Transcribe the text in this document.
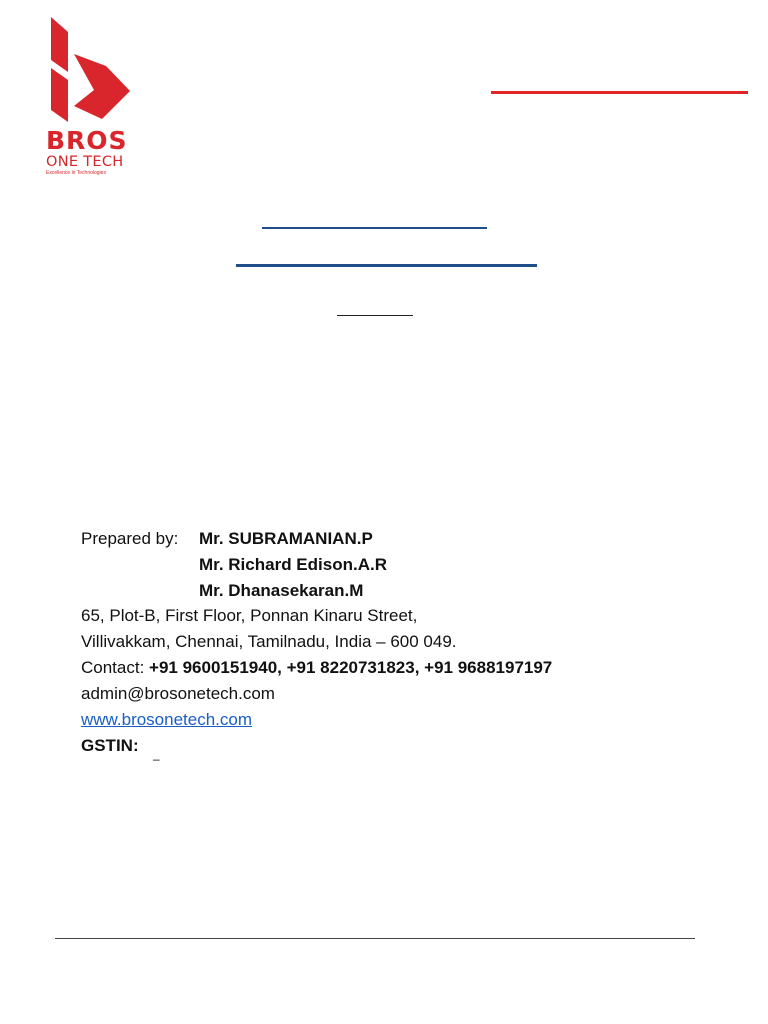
BROS
ONE TECH
Excellence in Technologies
Prepared by: Mr. SUBRAMANIAN.P
Mr. Richard Edison.A.R
Mr. Dhanasekaran.M
65, Plot-B, First Floor, Ponnan Kinaru Street,
Villivakkam, Chennai, Tamilnadu, India – 600 049.
Contact: +91 9600151940, +91 8220731823, +91 9688197197
admin@brosonetech.com
www.brosonetech.com
GSTIN:
–
